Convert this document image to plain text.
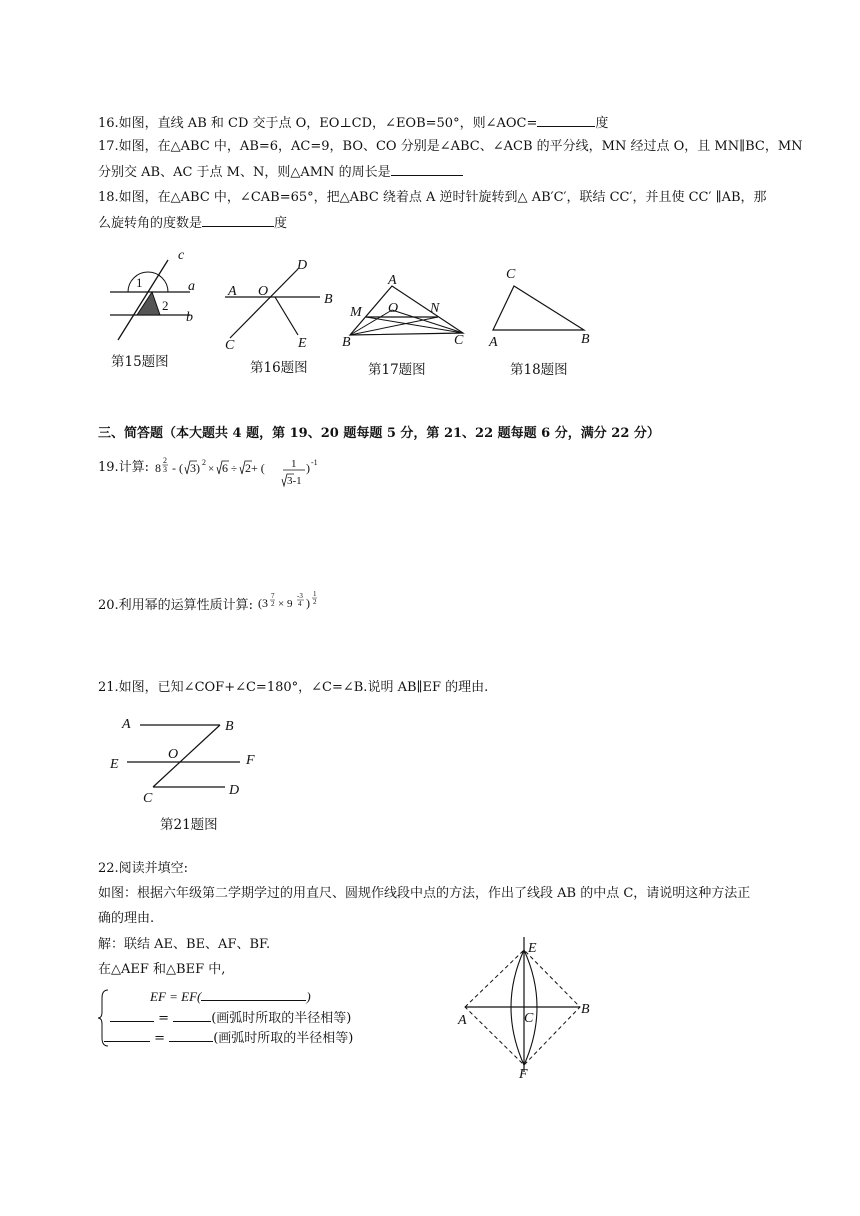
16.如图，直线 AB 和 CD 交于点 O，EO⊥CD，∠EOB=50°，则∠AOC=	度
17.如图，在△ABC 中，AB=6，AC=9，BO、CO 分别是∠ABC、∠ACB 的平分线，MN 经过点 O，且 MN∥BC，MN
分别交 AB、AC 于点 M、N，则△AMN 的周长是
18.如图，在△ABC 中，∠CAB=65°，把△ABC 绕着点 A 逆时针旋转到△ AB′C′，联结 CC′，并且使 CC′ ∥AB，那
么旋转角的度数是	度
c
a
b
1
2
第15题图
D
A O
B
C	E
第16题图
A
M O N
B	C
第17题图
C
A	B
第18题图
三、简答题（本大题共 4 题，第 19、20 题每题 5 分，第 21、22 题每题 6 分，满分 22 分）
19.计算: 8
2
3 - ( 3) 2
× 6 ÷ 2+ ( 1
3-1
) -1
20.利用幂的运算性质计算: (3 7
2 × 9
-3
4 )
1
2
21.如图，已知∠COF+∠C=180°，∠C=∠B.说明 AB∥EF 的理由.
A	B
E
O	F
C
D
第21题图
22.阅读并填空:
如图：根据六年级第二学期学过的用直尺、圆规作线段中点的方法，作出了线段 AB 的中点 C，请说明这种方法正
确的理由.
解：联结 AE、BE、AF、BF.
在△AEF 和△BEF 中,
EF = EF(	)
=	(画弧时所取的半径相等)
=	(画弧时所取的半径相等)
E
A	C
B
F
